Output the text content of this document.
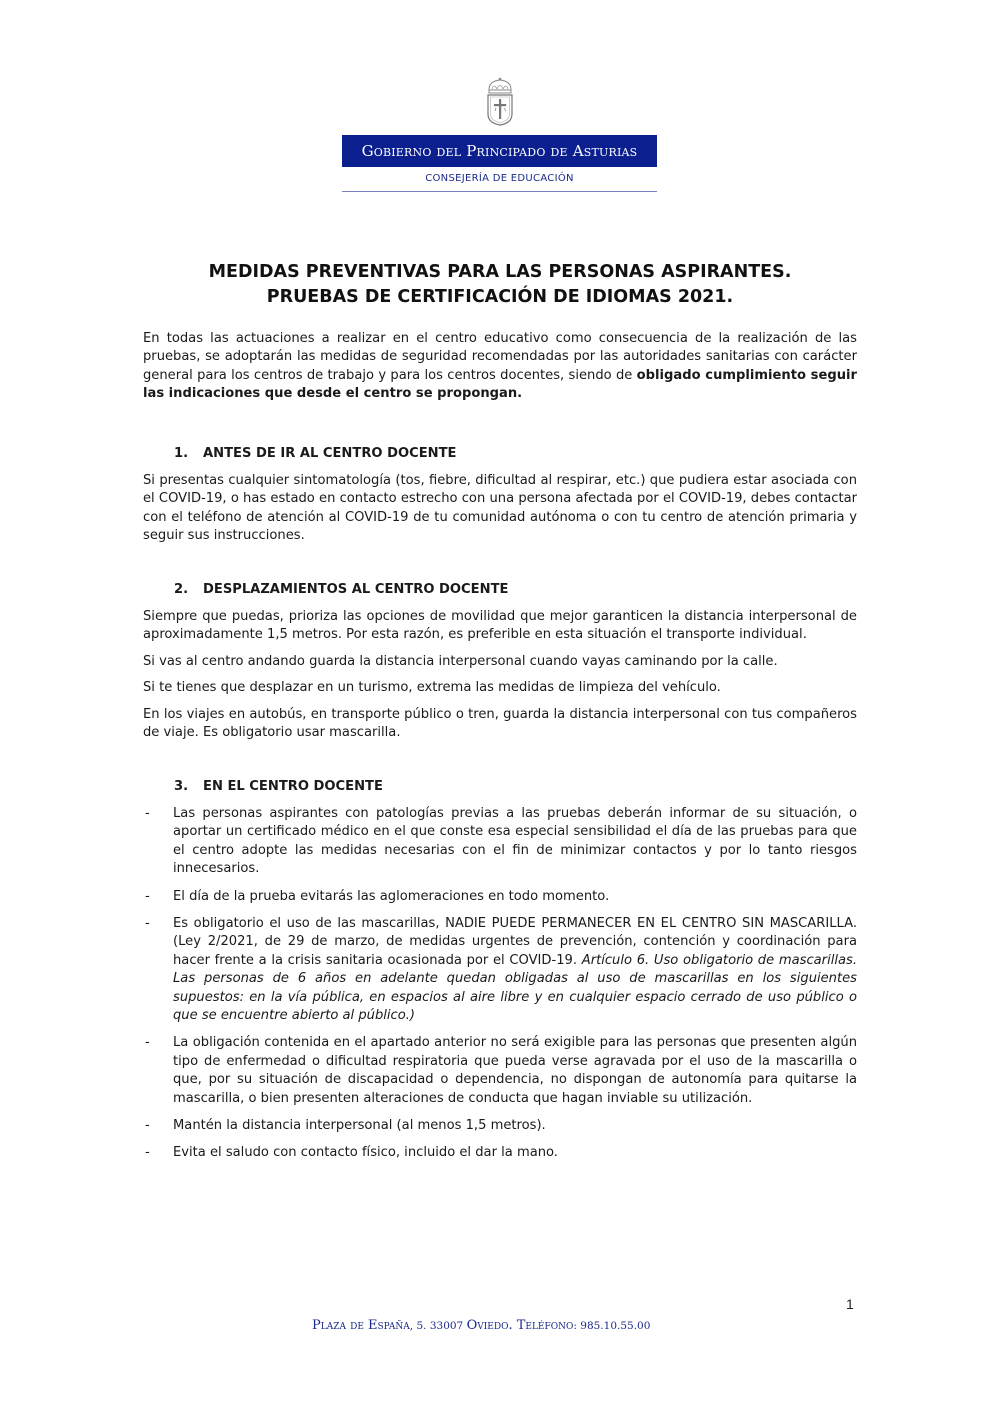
Gobierno del Principado de Asturias
CONSEJERÍA DE EDUCACIÓN
MEDIDAS PREVENTIVAS PARA LAS PERSONAS ASPIRANTES.
PRUEBAS DE CERTIFICACIÓN DE IDIOMAS 2021.

En todas las actuaciones a realizar en el centro educativo como consecuencia de la realización de las pruebas, se adoptarán las medidas de seguridad recomendadas por las autoridades sanitarias con carácter general para los centros de trabajo y para los centros docentes, siendo de obligado cumplimiento seguir las indicaciones que desde el centro se propongan.

1. ANTES DE IR AL CENTRO DOCENTE

Si presentas cualquier sintomatología (tos, fiebre, dificultad al respirar, etc.) que pudiera estar asociada con el COVID-19, o has estado en contacto estrecho con una persona afectada por el COVID-19, debes contactar con el teléfono de atención al COVID-19 de tu comunidad autónoma o con tu centro de atención primaria y seguir sus instrucciones.

2. DESPLAZAMIENTOS AL CENTRO DOCENTE

Siempre que puedas, prioriza las opciones de movilidad que mejor garanticen la distancia interpersonal de aproximadamente 1,5 metros. Por esta razón, es preferible en esta situación el transporte individual.

Si vas al centro andando guarda la distancia interpersonal cuando vayas caminando por la calle.

Si te tienes que desplazar en un turismo, extrema las medidas de limpieza del vehículo.

En los viajes en autobús, en transporte público o tren, guarda la distancia interpersonal con tus compañeros de viaje. Es obligatorio usar mascarilla.

3. EN EL CENTRO DOCENTE
- Las personas aspirantes con patologías previas a las pruebas deberán informar de su situación, o aportar un certificado médico en el que conste esa especial sensibilidad el día de las pruebas para que el centro adopte las medidas necesarias con el fin de minimizar contactos y por lo tanto riesgos innecesarios.
- El día de la prueba evitarás las aglomeraciones en todo momento.
- Es obligatorio el uso de las mascarillas, NADIE PUEDE PERMANECER EN EL CENTRO SIN MASCARILLA. (Ley 2/2021, de 29 de marzo, de medidas urgentes de prevención, contención y coordinación para hacer frente a la crisis sanitaria ocasionada por el COVID-19. Artículo 6. Uso obligatorio de mascarillas. Las personas de 6 años en adelante quedan obligadas al uso de mascarillas en los siguientes supuestos: en la vía pública, en espacios al aire libre y en cualquier espacio cerrado de uso público o que se encuentre abierto al público.)
- La obligación contenida en el apartado anterior no será exigible para las personas que presenten algún tipo de enfermedad o dificultad respiratoria que pueda verse agravada por el uso de la mascarilla o que, por su situación de discapacidad o dependencia, no dispongan de autonomía para quitarse la mascarilla, o bien presenten alteraciones de conducta que hagan inviable su utilización.
- Mantén la distancia interpersonal (al menos 1,5 metros).
- Evita el saludo con contacto físico, incluido el dar la mano.
1
Plaza de España, 5. 33007 Oviedo. Teléfono: 985.10.55.00
